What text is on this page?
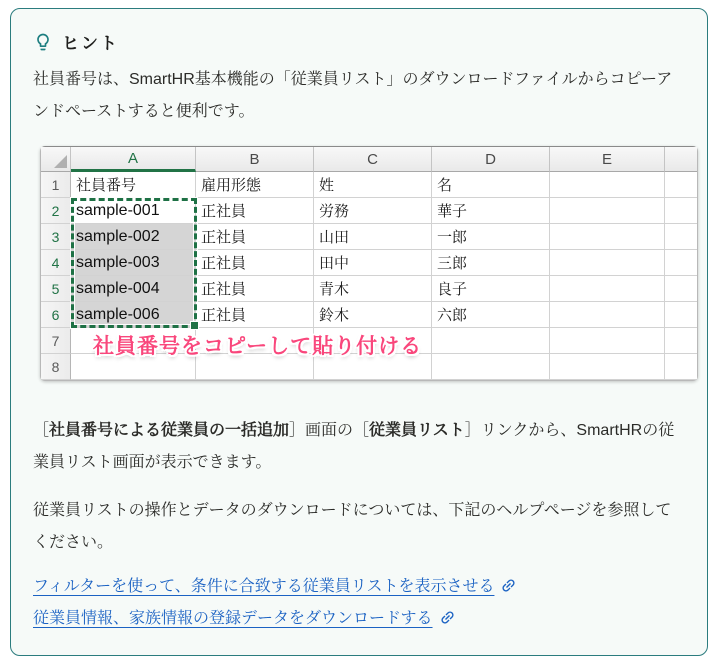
ヒント

社員番号は、SmartHR基本機能の「従業員リスト」のダウンロードファイルからコピーアンドペーストすると便利です。

A	B	C	D	E
1	社員番号	雇用形態	姓	名
2	sample-001	正社員	労務	華子
3	sample-002	正社員	山田	一郎
4	sample-003	正社員	田中	三郎
5	sample-004	正社員	青木	良子
6	sample-006	正社員	鈴木	六郎
7
8
社員番号をコピーして貼り付ける

［社員番号による従業員の一括追加］画面の［従業員リスト］リンクから、SmartHRの従業員リスト画面が表示できます。

従業員リストの操作とデータのダウンロードについては、下記のヘルプページを参照してください。

フィルターを使って、条件に合致する従業員リストを表示させる
従業員情報、家族情報の登録データをダウンロードする
